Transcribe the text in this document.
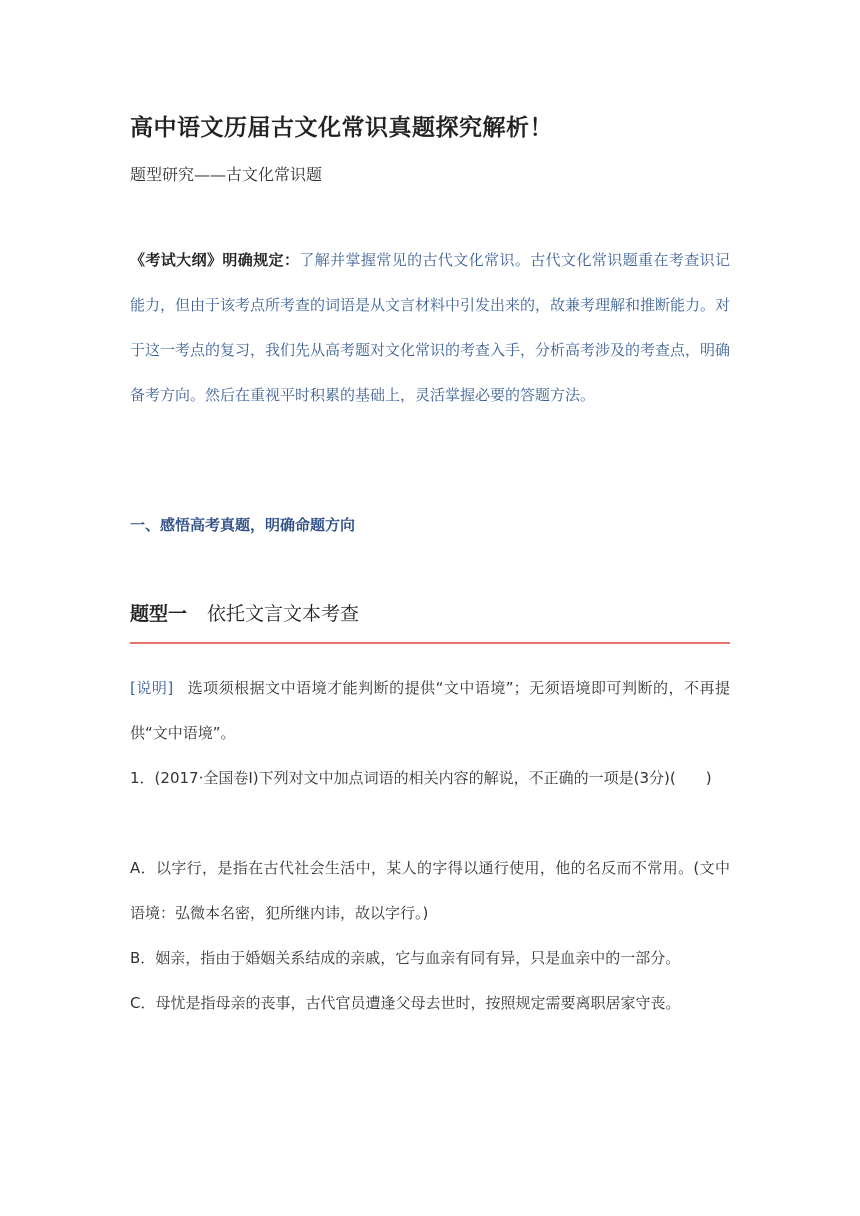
高中语文历届古文化常识真题探究解析！

题型研究——古文化常识题

《考试大纲》明确规定：了解并掌握常见的古代文化常识。古代文化常识题重在考查识记能力，但由于该考点所考查的词语是从文言材料中引发出来的，故兼考理解和推断能力。对于这一考点的复习，我们先从高考题对文化常识的考查入手，分析高考涉及的考查点，明确备考方向。然后在重视平时积累的基础上，灵活掌握必要的答题方法。

一、感悟高考真题，明确命题方向

题型一 依托文言文本考查

[说明] 选项须根据文中语境才能判断的提供“文中语境”；无须语境即可判断的，不再提供“文中语境”。

1．(2017·全国卷Ⅰ)下列对文中加点词语的相关内容的解说，不正确的一项是(3分)(　　)

A．以字行，是指在古代社会生活中，某人的字得以通行使用，他的名反而不常用。(文中语境：弘微本名密，犯所继内讳，故以字行。)

B．姻亲，指由于婚姻关系结成的亲戚，它与血亲有同有异，只是血亲中的一部分。

C．母忧是指母亲的丧事，古代官员遭逢父母去世时，按照规定需要离职居家守丧。
